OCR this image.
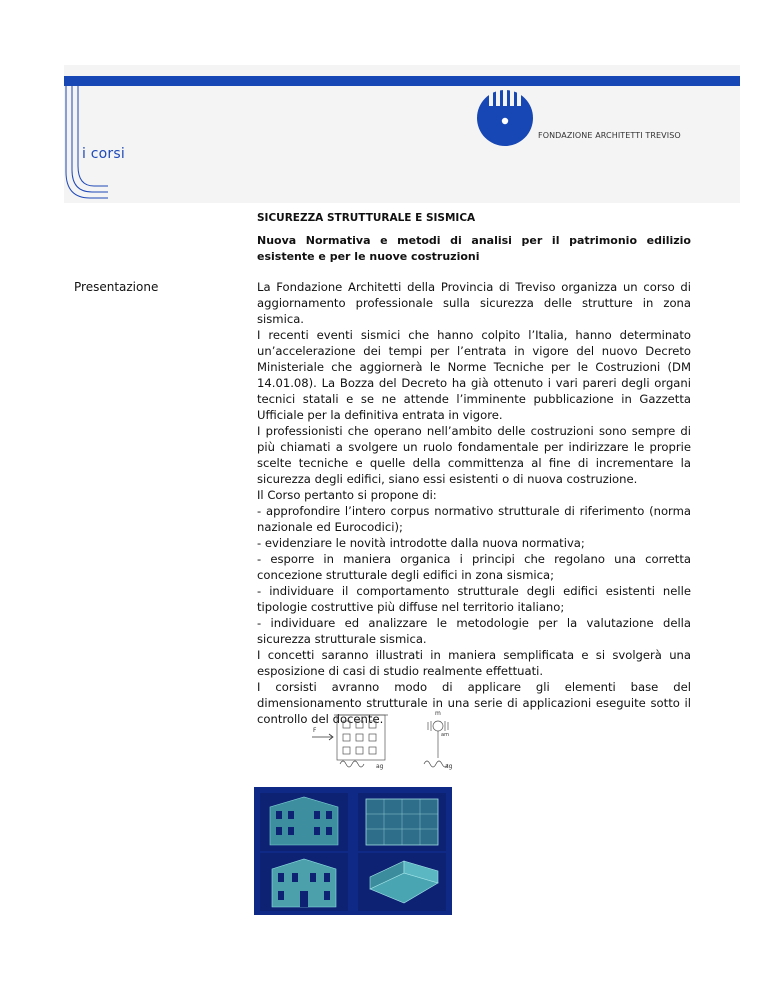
i corsi
FONDAZIONE ARCHITETTI TREVISO
SICUREZZA STRUTTURALE E SISMICA
Nuova Normativa e metodi di analisi per il patrimonio edilizio esistente e per le nuove costruzioni
Presentazione	La Fondazione Architetti della Provincia di Treviso organizza un corso di aggiornamento professionale sulla sicurezza delle strutture in zona sismica.

I recenti eventi sismici che hanno colpito l’Italia, hanno determinato un’accelerazione dei tempi per l’entrata in vigore del nuovo Decreto Ministeriale che aggiornerà le Norme Tecniche per le Costruzioni (DM 14.01.08). La Bozza del Decreto ha già ottenuto i vari pareri degli organi tecnici statali e se ne attende l’imminente pubblicazione in Gazzetta Ufficiale per la definitiva entrata in vigore.

I professionisti che operano nell’ambito delle costruzioni sono sempre di più chiamati a svolgere un ruolo fondamentale per indirizzare le proprie scelte tecniche e quelle della committenza al fine di incrementare la sicurezza degli edifici, siano essi esistenti o di nuova costruzione.

Il Corso pertanto si propone di:

- approfondire l’intero corpus normativo strutturale di riferimento (norma nazionale ed Eurocodici);

- evidenziare le novità introdotte dalla nuova normativa;

- esporre in maniera organica i principi che regolano una corretta concezione strutturale degli edifici in zona sismica;

- individuare il comportamento strutturale degli edifici esistenti nelle tipologie costruttive più diffuse nel territorio italiano;

- individuare ed analizzare le metodologie per la valutazione della sicurezza strutturale sismica.

I concetti saranno illustrati in maniera semplificata e si svolgerà una esposizione di casi di studio realmente effettuati.

I corsisti avranno modo di applicare gli elementi base del dimensionamento strutturale in una serie di applicazioni eseguite sotto il controllo del docente.

F
ag
m
am
ag
